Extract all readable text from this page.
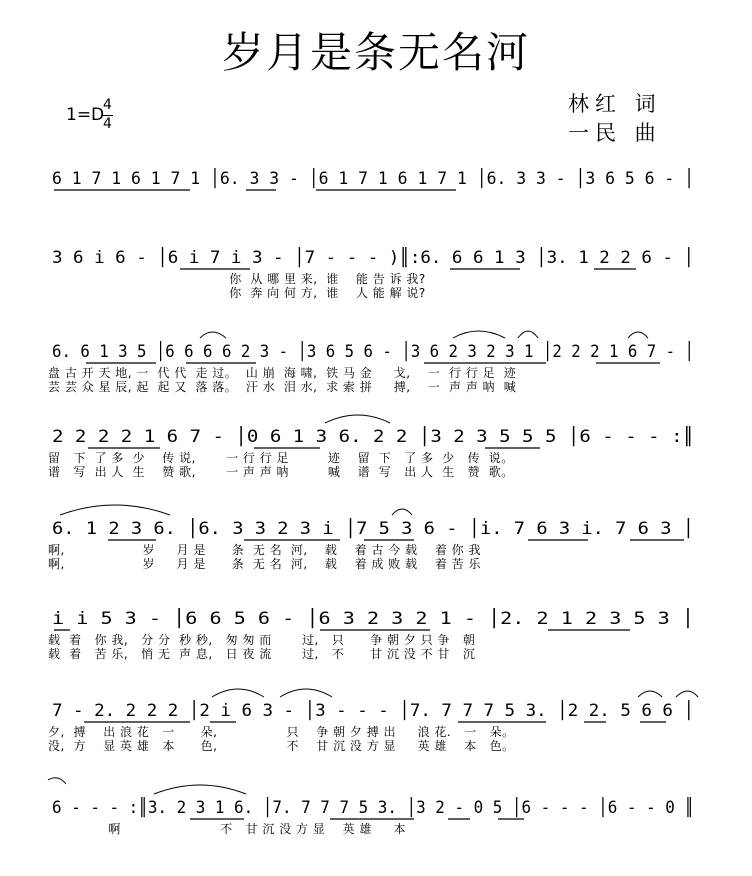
岁月是条无名河
1=D
4
4
林红 词
一民 曲
6 1 7 1 6 1 7 1 │6. 3 3 - │6 1 7 1 6 1 7 1 │6. 3 3 - │3 6 5 6 - │
3 6 i 6 - │6 i 7 i 3 - │7 - - - )║:6. 6 6 1 3 │3. 1 2 2 6 - │
你  从 哪 里 来,  谁    能 告 诉 我?
你  奔 向 何 方,  谁    人 能 解 说?
6. 6 1 3 5 │6 6 6 6 2 3 - │3 6 5 6 - │3 6 2 3 2 3 1 │2 2 2 1 6 7 - │
盘 古 开 天 地, 一  代 代  走 过。  山 崩  海 啸,  铁 马 金     戈,    一  行 行 足  迹
芸 芸 众 星 辰, 起  起 又  落 落。  汗 水  泪 水,  求 索 拼     搏,    一  声 声 呐  喊
2 2 2 2 1 6 7 - │0 6 1 3 6. 2 2 │3 2 3 5 5 5 │6 - - - :║
留   下  了 多  少    传 说,       一 行 行 足         迹    留  下   了 多  少   传  说。
谱   写  出 人  生    赞 歌,       一 声 声 呐         喊    谱  写   出 人  生   赞  歌。
6. 1 2 3 6. │6. 3 3 2 3 i │7 5 3 6 - │i. 7 6 3 i. 7 6 3 │
啊,                  岁     月 是      条  无 名  河,    载    着 古 今 载    着 你 我
啊,                  岁     月 是      条  无 名  河,    载    着 成 败 载    着 苦 乐
i i 5 3 - │6 6 5 6 - │6 3 2 3 2 1 - │2. 2 1 2 3 5 3 │
载  着   你 我,   分 分  秒 秒,   匆 匆 而       过,   只      争 朝 夕 只 争   朝
载  着   苦 乐,   悄 无  声 息,   日 夜 流       过,   不      甘 沉 没 不 甘   沉
7 - 2. 2 2 2 │2 i 6 3 - │3 - - - │7. 7 7 7 5 3. │2 2. 5 6 6 │
夕,  搏    出 浪 花   一      朵,                只    争 朝 夕 搏 出     浪 花.   一   朵。
没,  方    显 英 雄   本      色,                不    甘 沉 没 方 显     英 雄    本   色。
6 - - - :║3. 2 3 1 6. │7. 7 7 7 5 3. │3 2 - 0 5 │6 - - - │6 - - 0 ║
啊                       不   甘 沉 没 方 显    英 雄     本
